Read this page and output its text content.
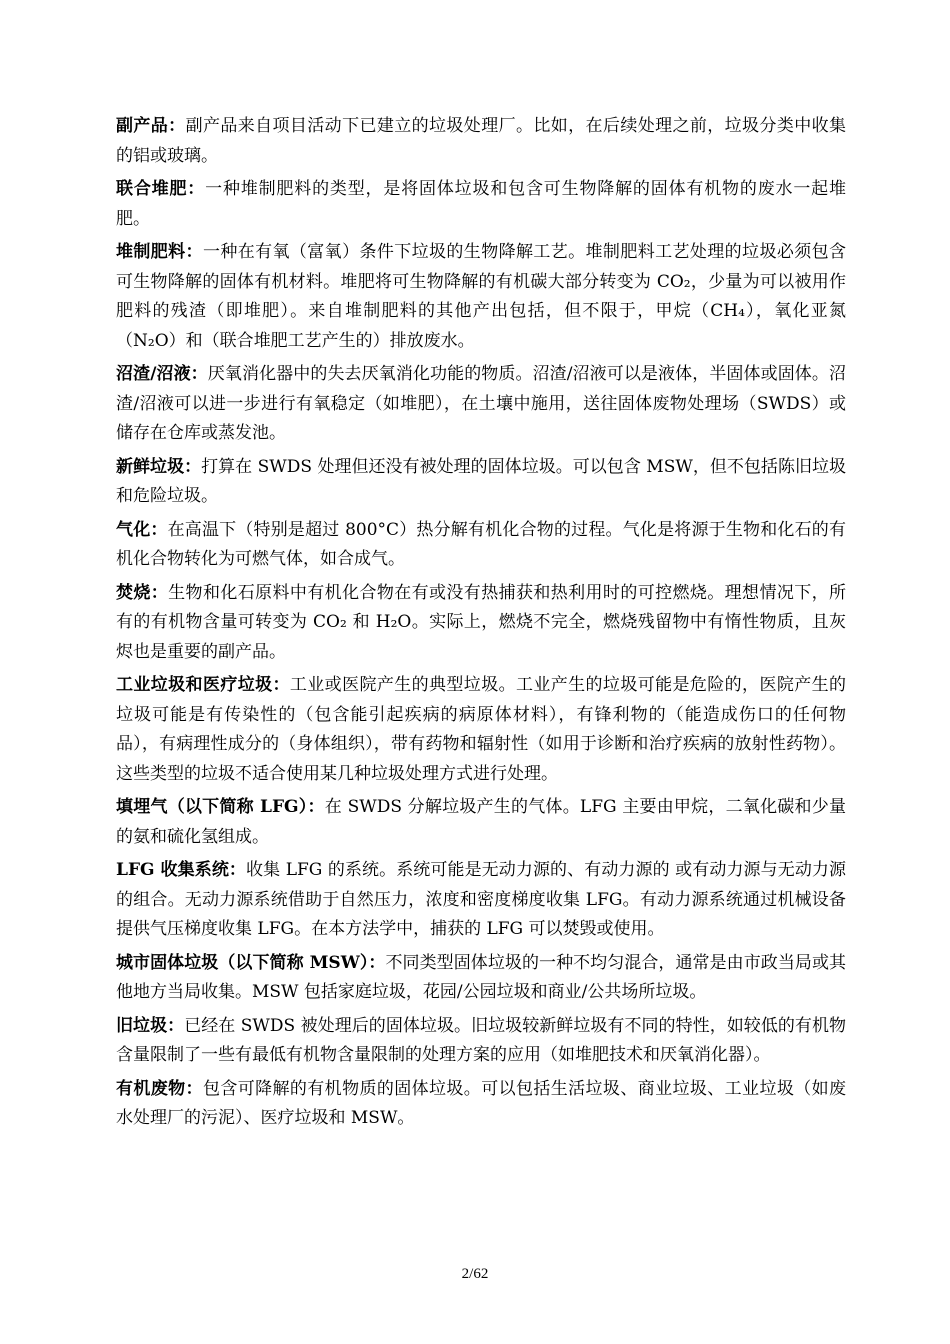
副产品：副产品来自项目活动下已建立的垃圾处理厂。比如，在后续处理之前，垃圾分类中收集的铝或玻璃。

联合堆肥：一种堆制肥料的类型，是将固体垃圾和包含可生物降解的固体有机物的废水一起堆肥。

堆制肥料：一种在有氧（富氧）条件下垃圾的生物降解工艺。堆制肥料工艺处理的垃圾必须包含可生物降解的固体有机材料。堆肥将可生物降解的有机碳大部分转变为 CO₂，少量为可以被用作肥料的残渣（即堆肥）。来自堆制肥料的其他产出包括，但不限于，甲烷（CH₄），氧化亚氮（N₂O）和（联合堆肥工艺产生的）排放废水。

沼渣/沼液：厌氧消化器中的失去厌氧消化功能的物质。沼渣/沼液可以是液体，半固体或固体。沼渣/沼液可以进一步进行有氧稳定（如堆肥），在土壤中施用，送往固体废物处理场（SWDS）或储存在仓库或蒸发池。

新鲜垃圾：打算在 SWDS 处理但还没有被处理的固体垃圾。可以包含 MSW，但不包括陈旧垃圾和危险垃圾。

气化：在高温下（特别是超过 800°C）热分解有机化合物的过程。气化是将源于生物和化石的有机化合物转化为可燃气体，如合成气。

焚烧：生物和化石原料中有机化合物在有或没有热捕获和热利用时的可控燃烧。理想情况下，所有的有机物含量可转变为 CO₂ 和 H₂O。实际上，燃烧不完全，燃烧残留物中有惰性物质，且灰烬也是重要的副产品。

工业垃圾和医疗垃圾：工业或医院产生的典型垃圾。工业产生的垃圾可能是危险的，医院产生的垃圾可能是有传染性的（包含能引起疾病的病原体材料），有锋利物的（能造成伤口的任何物品），有病理性成分的（身体组织），带有药物和辐射性（如用于诊断和治疗疾病的放射性药物）。这些类型的垃圾不适合使用某几种垃圾处理方式进行处理。

填埋气（以下简称 LFG）：在 SWDS 分解垃圾产生的气体。LFG 主要由甲烷，二氧化碳和少量的氨和硫化氢组成。

LFG 收集系统：收集 LFG 的系统。系统可能是无动力源的、有动力源的 或有动力源与无动力源的组合。无动力源系统借助于自然压力，浓度和密度梯度收集 LFG。有动力源系统通过机械设备提供气压梯度收集 LFG。在本方法学中，捕获的 LFG 可以焚毁或使用。

城市固体垃圾（以下简称 MSW）：不同类型固体垃圾的一种不均匀混合，通常是由市政当局或其他地方当局收集。MSW 包括家庭垃圾，花园/公园垃圾和商业/公共场所垃圾。

旧垃圾：已经在 SWDS 被处理后的固体垃圾。旧垃圾较新鲜垃圾有不同的特性，如较低的有机物含量限制了一些有最低有机物含量限制的处理方案的应用（如堆肥技术和厌氧消化器）。

有机废物：包含可降解的有机物质的固体垃圾。可以包括生活垃圾、商业垃圾、工业垃圾（如废水处理厂的污泥）、医疗垃圾和 MSW。

2/62
